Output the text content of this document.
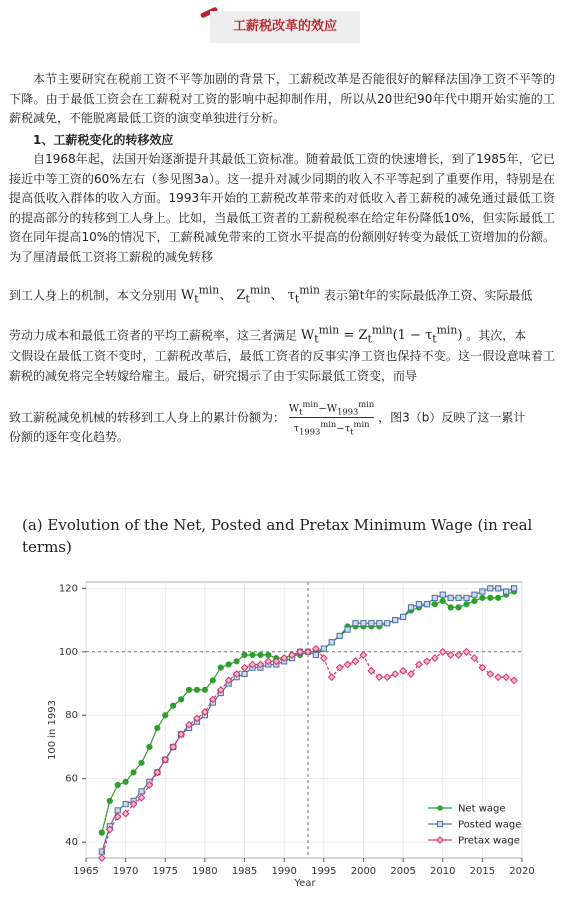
工薪税改革的效应

本节主要研究在税前工资不平等加剧的背景下，工薪税改革是否能很好的解释法国净工资不平等的下降。由于最低工资会在工薪税对工资的影响中起抑制作用，所以从20世纪90年代中期开始实施的工薪税减免，不能脱离最低工资的演变单独进行分析。

1、工薪税变化的转移效应

自1968年起，法国开始逐渐提升其最低工资标准。随着最低工资的快速增长，到了1985年，它已接近中等工资的60%左右（参见图3a）。这一提升对减少同期的收入不平等起到了重要作用，特别是在提高低收入群体的收入方面。1993年开始的工薪税改革带来的对低收入者工薪税的减免通过最低工资的提高部分的转移到工人身上。比如，当最低工资者的工薪税税率在给定年份降低10%，但实际最低工资在同年提高10%的情况下，工薪税减免带来的工资水平提高的份额刚好转变为最低工资增加的份额。为了厘清最低工资将工薪税的减免转移

到工人身上的机制，本文分别用 $W_t^{min}$、 $Z_t^{min}$、 $\tau_t^{min}$ 表示第t年的实际最低净工资、实际最低
劳动力成本和最低工资者的平均工薪税率，这三者满足 $W_t^{min} = Z_t^{min}(1 - \tau_t^{min})$ 。其次，本

文假设在最低工资不变时，工薪税改革后，最低工资者的反事实净工资也保持不变。这一假设意味着工薪税的减免将完全转嫁给雇主。最后，研究揭示了由于实际最低工资变，而导

致工薪税减免机械的转移到工人身上的累计份额为：
$W_t^{min}-W_{1993}^{min}$
$\tau_{1993}^{min}-\tau_t^{min}$ ，图3（b）反映了这一累计

份额的逐年变化趋势。

(a) Evolution of the Net, Posted and Pretax Minimum Wage (in real terms)
100 in 1993
Year
1965 1970 1975 1980 1985 1990 1995 2000 2005 2010 2015 2020
40
60
80
100
120
Net wage
Posted wage
Pretax wage
